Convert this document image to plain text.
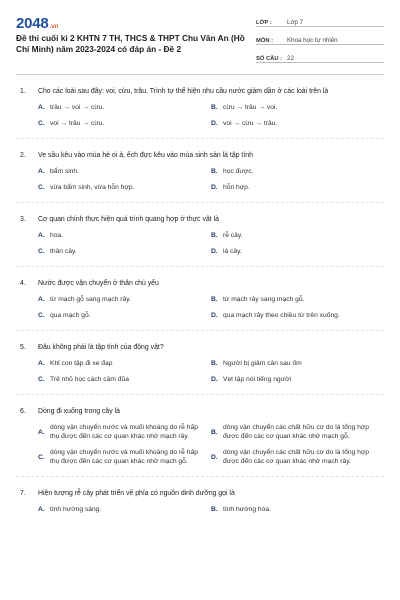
2048 .vn
Đề thi cuối kì 2 KHTN 7 TH, THCS & THPT Chu Văn An (Hồ Chí Minh) năm 2023-2024 có đáp án - Đề 2
LỚP :	Lớp 7
MÔN :	Khoa học tự nhiên
SỐ CÂU : 22
1.	Cho các loài sau đây: voi, cừu, trâu. Trình tự thể hiện nhu cầu nước giảm dần ở các loài trên là
A. trâu → voi → cừu.	B. cừu → trâu → voi.
C. voi → trâu → cừu.	D. voi → cừu → trâu.
2.	Ve sầu kêu vào mùa hè oi ả, ếch đực kêu vào mùa sinh sản là tập tính
A. bẩm sinh.	B. học được.
C. vừa bẩm sinh, vừa hỗn hợp.	D. hỗn hợp.
3.	Cơ quan chính thực hiện quá trình quang hợp ở thực vật là
A. hoa.	B. rễ cây.
C. thân cây.	D. lá cây.
4.	Nước được vận chuyển ở thân chủ yếu
A. từ mạch gỗ sang mạch rây.	B. từ mạch rây sang mạch gỗ.
C. qua mạch gỗ.	D. qua mạch rây theo chiều từ trên xuống.
5.	Đâu không phải là tập tính của động vật?
A. Khỉ con tập đi xe đạp	B. Người bị giảm cân sau ốm
C. Trẻ nhỏ học cách cầm đũa	D. Vẹt tập nói tiếng người
6.	Dòng đi xuống trong cây là
A.
dòng vận chuyển nước và muối khoáng do rễ hấp thụ được đến các cơ quan khác nhờ mạch rây.
B.
dòng vận chuyển các chất hữu cơ do lá tổng hợp được đến các cơ quan khác nhờ mạch gỗ.
C.
dòng vận chuyển nước và muối khoáng do rễ hấp thụ được đến các cơ quan khác nhờ mạch gỗ.
D.
dòng vận chuyển các chất hữu cơ do lá tổng hợp được đến các cơ quan khác nhờ mạch rây.
7.	Hiện tượng rễ cây phát triển về phía có nguồn dinh dưỡng gọi là
A. tính hướng sáng.	B. tính hướng hóa.
